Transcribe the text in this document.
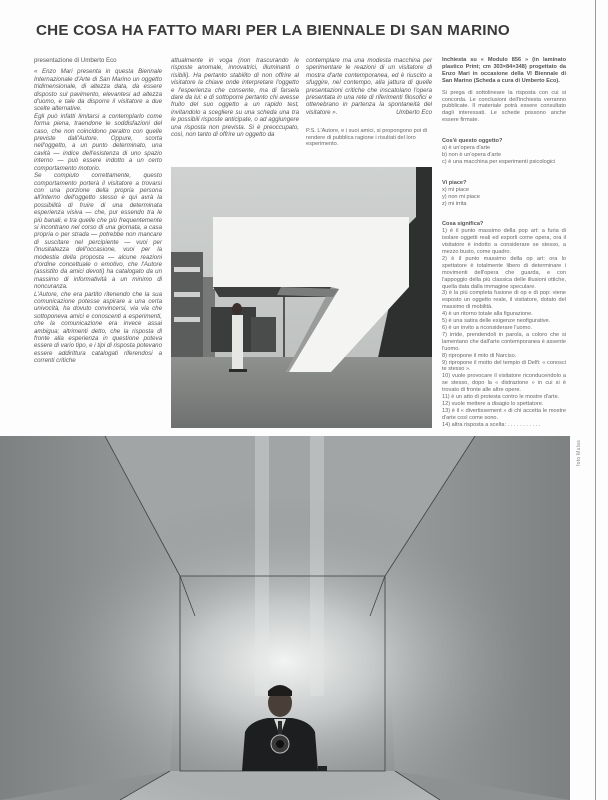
CHE COSA HA FATTO MARI PER LA BIENNALE DI SAN MARINO

presentazione di Umberto Eco

« Enzo Mari presenta in questa Biennale Internazionale d'Arte di San Marino un oggetto tridimensionale, di altezza data, da essere disposto sul pavimento, elevantesi ad altezza d'uomo, e tale da disporre il visitatore a due scelte alternative.

Egli può infatti limitarsi a contemplarlo come forma piena, traendone le soddisfazioni del caso, che non coincidono peraltro con quelle previste dall'Autore. Oppure, scorta nell'oggetto, a un punto determinato, una cavità — indice dell'esistenza di uno spazio interno — può essere indotto a un certo comportamento motorio.

Se compiuto correttamente, questo comportamento porterà il visitatore a trovarsi con una porzione della propria persona all'interno dell'oggetto stesso e qui avrà la possibilità di fruire di una determinata esperienza visiva — che, pur essendo tra le più banali, e tra quelle che più frequentemente si incontrano nel corso di una giornata, a casa propria o per strada — potrebbe non mancare di suscitare nel percipiente — vuoi per l'inusitatezza dell'occasione, vuoi per la modestia della proposta — alcune reazioni d'ordine concettuale o emotivo, che l'Autore (assistito da amici devoti) ha catalogato da un massimo di informatività a un minimo di noncuranza.

L'Autore, che era partito ritenendo che la sua comunicazione potesse aspirare a una certa univocità, ha dovuto convincersi, via via che sottoponeva amici e conoscenti a esperimenti, che la comunicazione era invece assai ambigua; altrimenti detto, che la risposta di fronte alla esperienza in questione poteva essere di vario tipo, e i tipi di risposta potevano essere addirittura catalogati riferendosi a correnti critiche

attualmente in voga (non trascurando le risposte anomale, innovatrici, illuminanti o risibili). Ha pertanto stabilito di non offrire al visitatore la chiave onde interpretare l'oggetto e l'esperienza che consente, ma di farsela dare da lui: e di sottoporre pertanto chi avesse fruito del suo oggetto a un rapido test, invitandolo a scegliere su una scheda una tra le possibili risposte anticipate, o ad aggiungere una risposta non prevista. Si è preoccupato, così, non tanto di offrire un oggetto da

contemplare ma una modesta macchina per sperimentare le reazioni di un visitatore di mostra d'arte contemporanea, ed è riuscito a sfuggire, nel contempo, alla jattura di quelle presentazioni critiche che inscatolano l'opera presentata in una rete di riferimenti filosofici e ottenebrano in partenza la spontaneità del visitatore ».	Umberto Eco

P.S. L'Autore, e i suoi amici, si propongono poi di rendere di pubblica ragione i risultati del loro esperimento.

Inchiesta su « Modulo 856 » (in laminato plastico Print; cm 303×84×348) progettato da Enzo Mari in occasione della VI Biennale di San Marino (Scheda a cura di Umberto Eco).

Si prega di sottolineare la risposta con cui si concorda. Le conclusioni dell'inchiesta verranno pubblicate. Il materiale potrà essere consultato dagli interessati. Le schede possono anche essere firmate.

Cos'è questo oggetto?

a) è un'opera d'arte

b) non è un'opera d'arte

c) è una macchina per esperimenti psicologici

Vi piace?

x) mi piace

y) non mi piace

z) mi irrita

Cosa significa?

1) è il punto massimo della pop art: a furia di isolare oggetti reali ed esporli come opera, ora il visitatore è indotto a considerare se stesso, a mezzo busto, come quadro.

2) è il punto massimo della op art: ora lo spettatore è totalmente libero di determinare i movimenti dell'opera che guarda, e con l'appoggio della più classica delle illusioni ottiche, quella data dalla immagine speculare.

3) è la più completa fusione di op e di pop: viene esposto un oggetto reale, il visitatore, dotato del massimo di mobilità.

4) è un ritorno totale alla figurazione.

5) è una satira delle esigenze neofigurative.

6) è un invito a riconsiderare l'uomo.

7) irride, prendendoli in parola, a coloro che si lamentano che dall'arte contemporanea è assente l'uomo.

8) ripropone il mito di Narciso.

9) ripropone il motto del tempio di Delfi: « conosci te stesso ».

10) vuole provocare il visitatore riconducendolo a se stesso, dopo la « distrazione » in cui si è trovato di fronte alle altre opere.

11) è un atto di protesta contro le mostre d'arte.

12) vuole mettere a disagio lo spettatore.

13) è il « divertissement » di chi accetta le mostre d'arte così come sono.

14) altra risposta a scelta: . . . . . . . . . . .

foto Mulas
